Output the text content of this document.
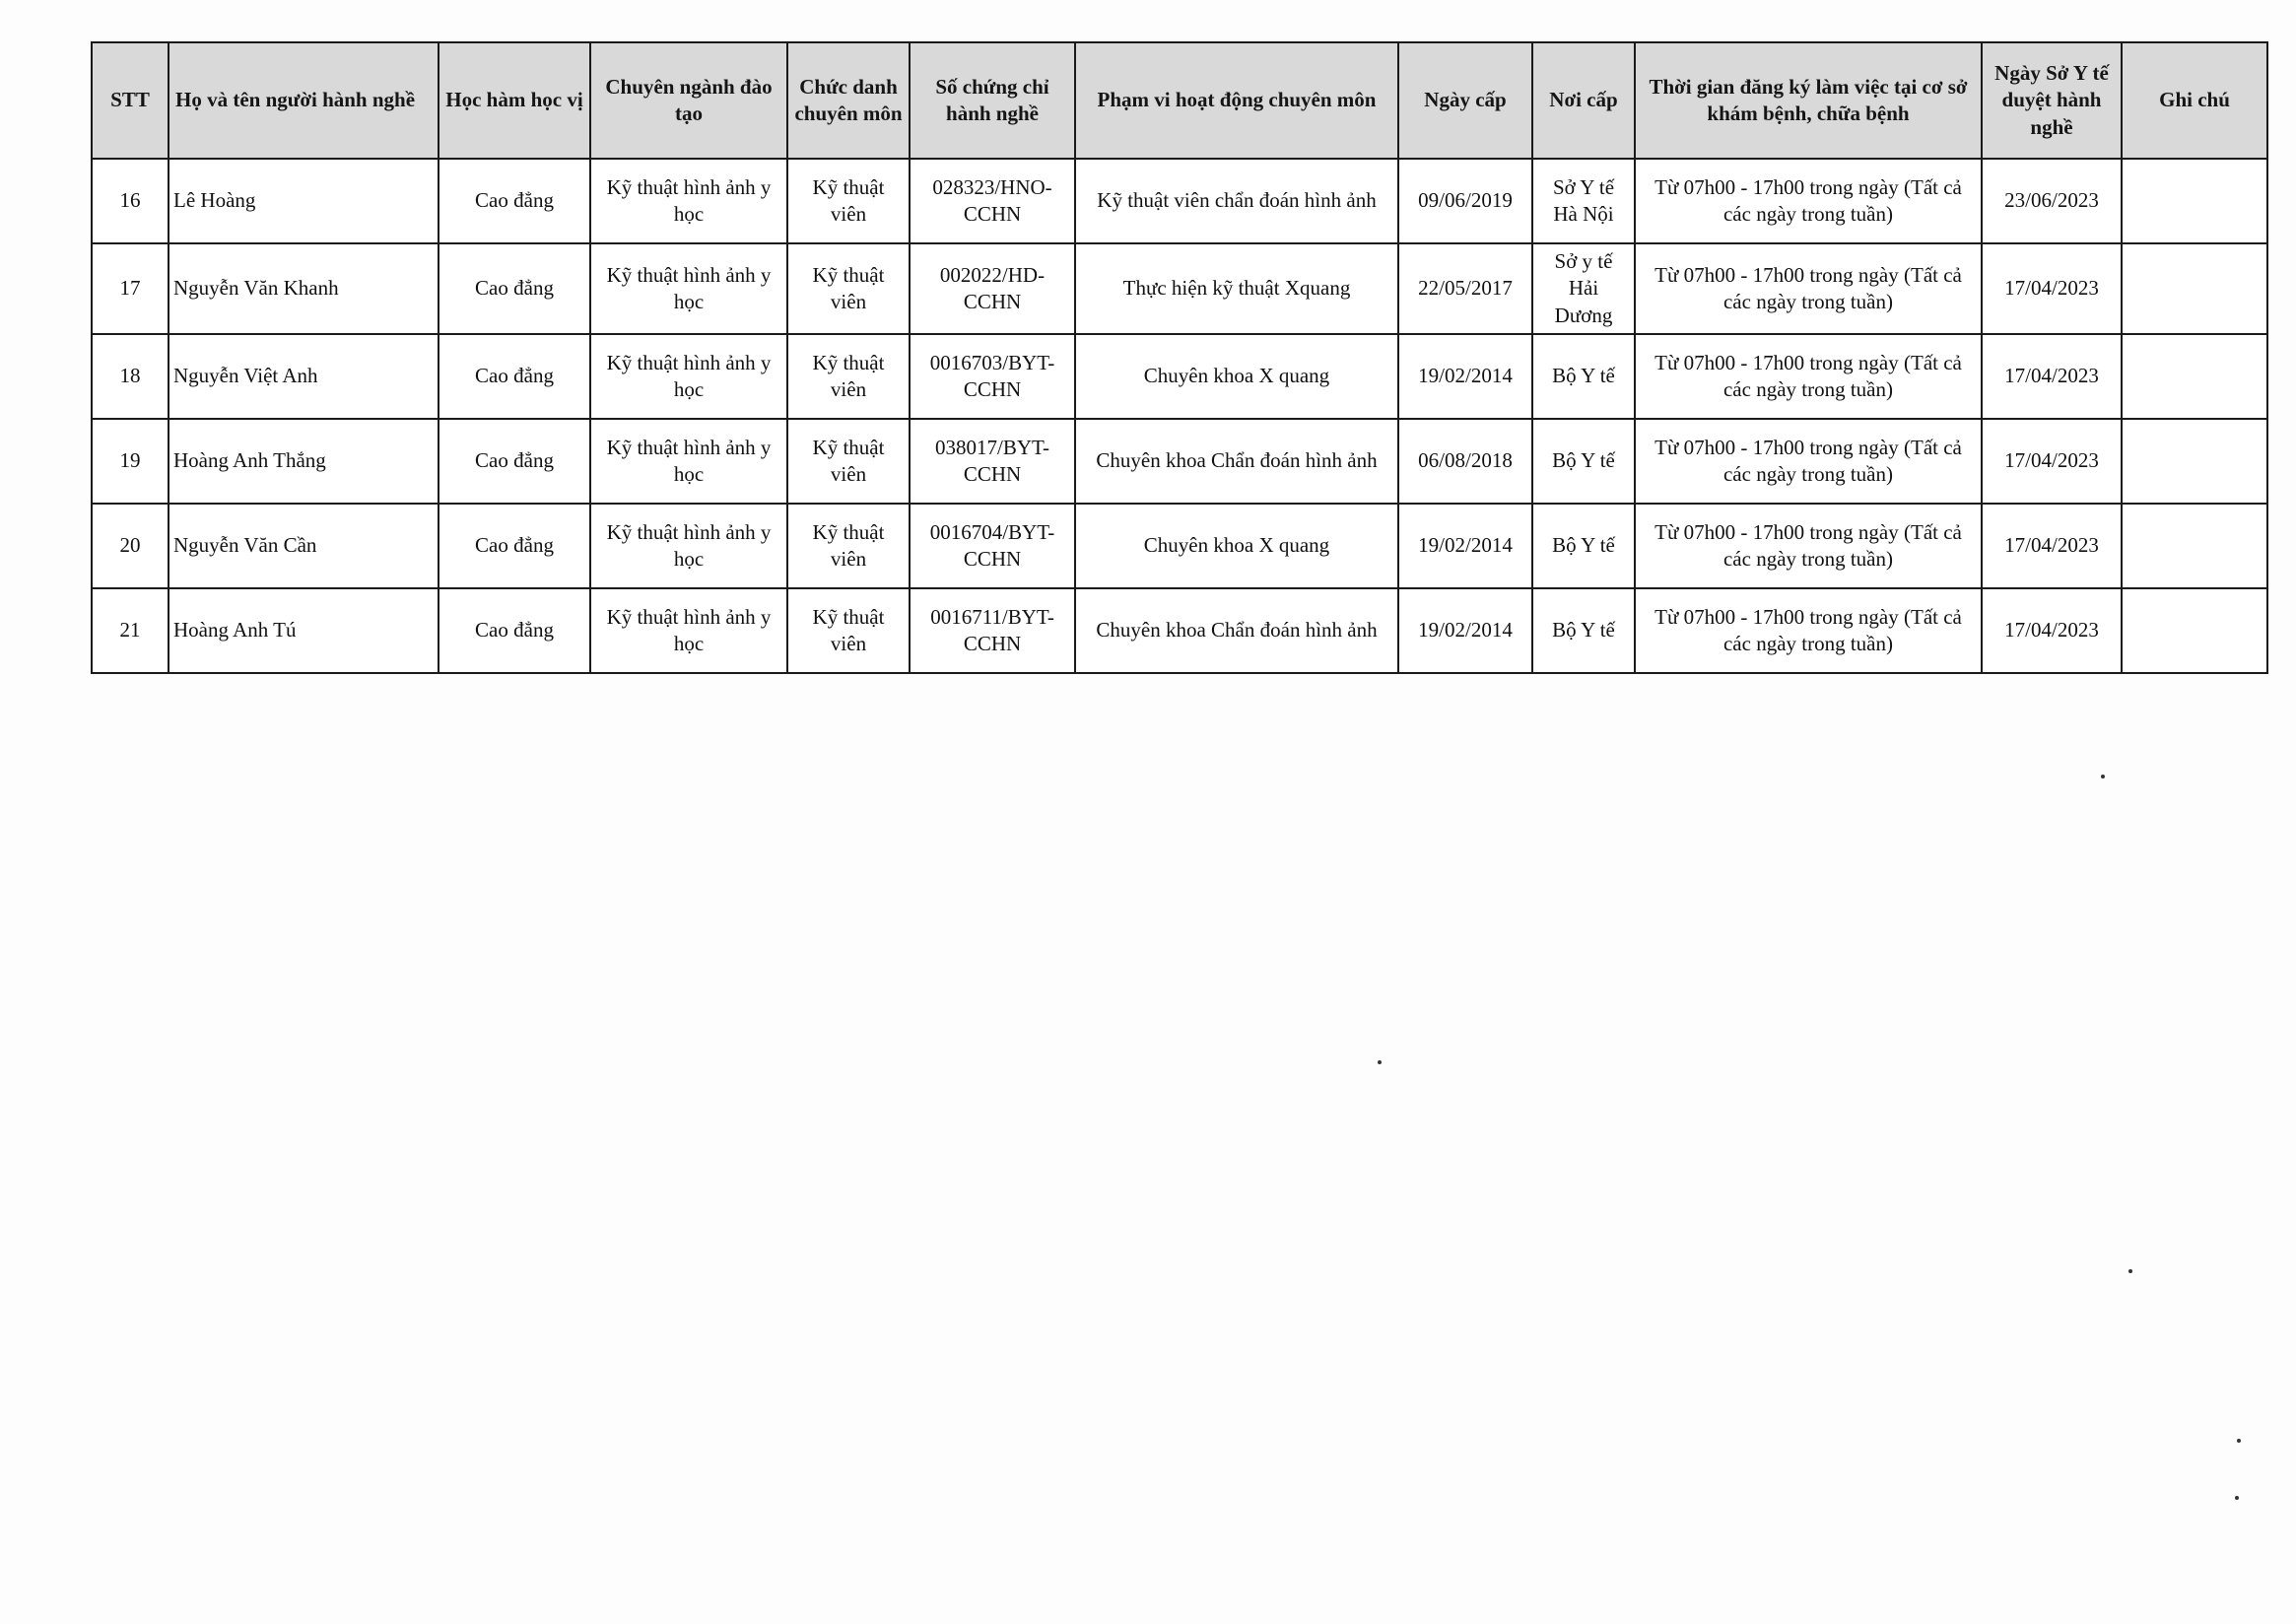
STT	Họ và tên người hành nghề	Học hàm học vị	Chuyên ngành đào tạo	Chức danh chuyên môn	Số chứng chỉ hành nghề	Phạm vi hoạt động chuyên môn	Ngày cấp	Nơi cấp	Thời gian đăng ký làm việc tại cơ sở khám bệnh, chữa bệnh	Ngày Sở Y tế duyệt hành nghề	Ghi chú
16	Lê Hoàng	Cao đẳng	Kỹ thuật hình ảnh y học	Kỹ thuật viên	028323/HNO-CCHN	Kỹ thuật viên chẩn đoán hình ảnh	09/06/2019	Sở Y tế Hà Nội	Từ 07h00 - 17h00 trong ngày (Tất cả các ngày trong tuần)	23/06/2023	
17	Nguyễn Văn Khanh	Cao đẳng	Kỹ thuật hình ảnh y học	Kỹ thuật viên	002022/HD-CCHN	Thực hiện kỹ thuật Xquang	22/05/2017	Sở y tế Hải Dương	Từ 07h00 - 17h00 trong ngày (Tất cả các ngày trong tuần)	17/04/2023	
18	Nguyễn Việt Anh	Cao đẳng	Kỹ thuật hình ảnh y học	Kỹ thuật viên	0016703/BYT-CCHN	Chuyên khoa X quang	19/02/2014	Bộ Y tế	Từ 07h00 - 17h00 trong ngày (Tất cả các ngày trong tuần)	17/04/2023	
19	Hoàng Anh Thắng	Cao đẳng	Kỹ thuật hình ảnh y học	Kỹ thuật viên	038017/BYT-CCHN	Chuyên khoa Chẩn đoán hình ảnh	06/08/2018	Bộ Y tế	Từ 07h00 - 17h00 trong ngày (Tất cả các ngày trong tuần)	17/04/2023	
20	Nguyễn Văn Cần	Cao đẳng	Kỹ thuật hình ảnh y học	Kỹ thuật viên	0016704/BYT-CCHN	Chuyên khoa X quang	19/02/2014	Bộ Y tế	Từ 07h00 - 17h00 trong ngày (Tất cả các ngày trong tuần)	17/04/2023	
21	Hoàng Anh Tú	Cao đẳng	Kỹ thuật hình ảnh y học	Kỹ thuật viên	0016711/BYT-CCHN	Chuyên khoa Chẩn đoán hình ảnh	19/02/2014	Bộ Y tế	Từ 07h00 - 17h00 trong ngày (Tất cả các ngày trong tuần)	17/04/2023	
